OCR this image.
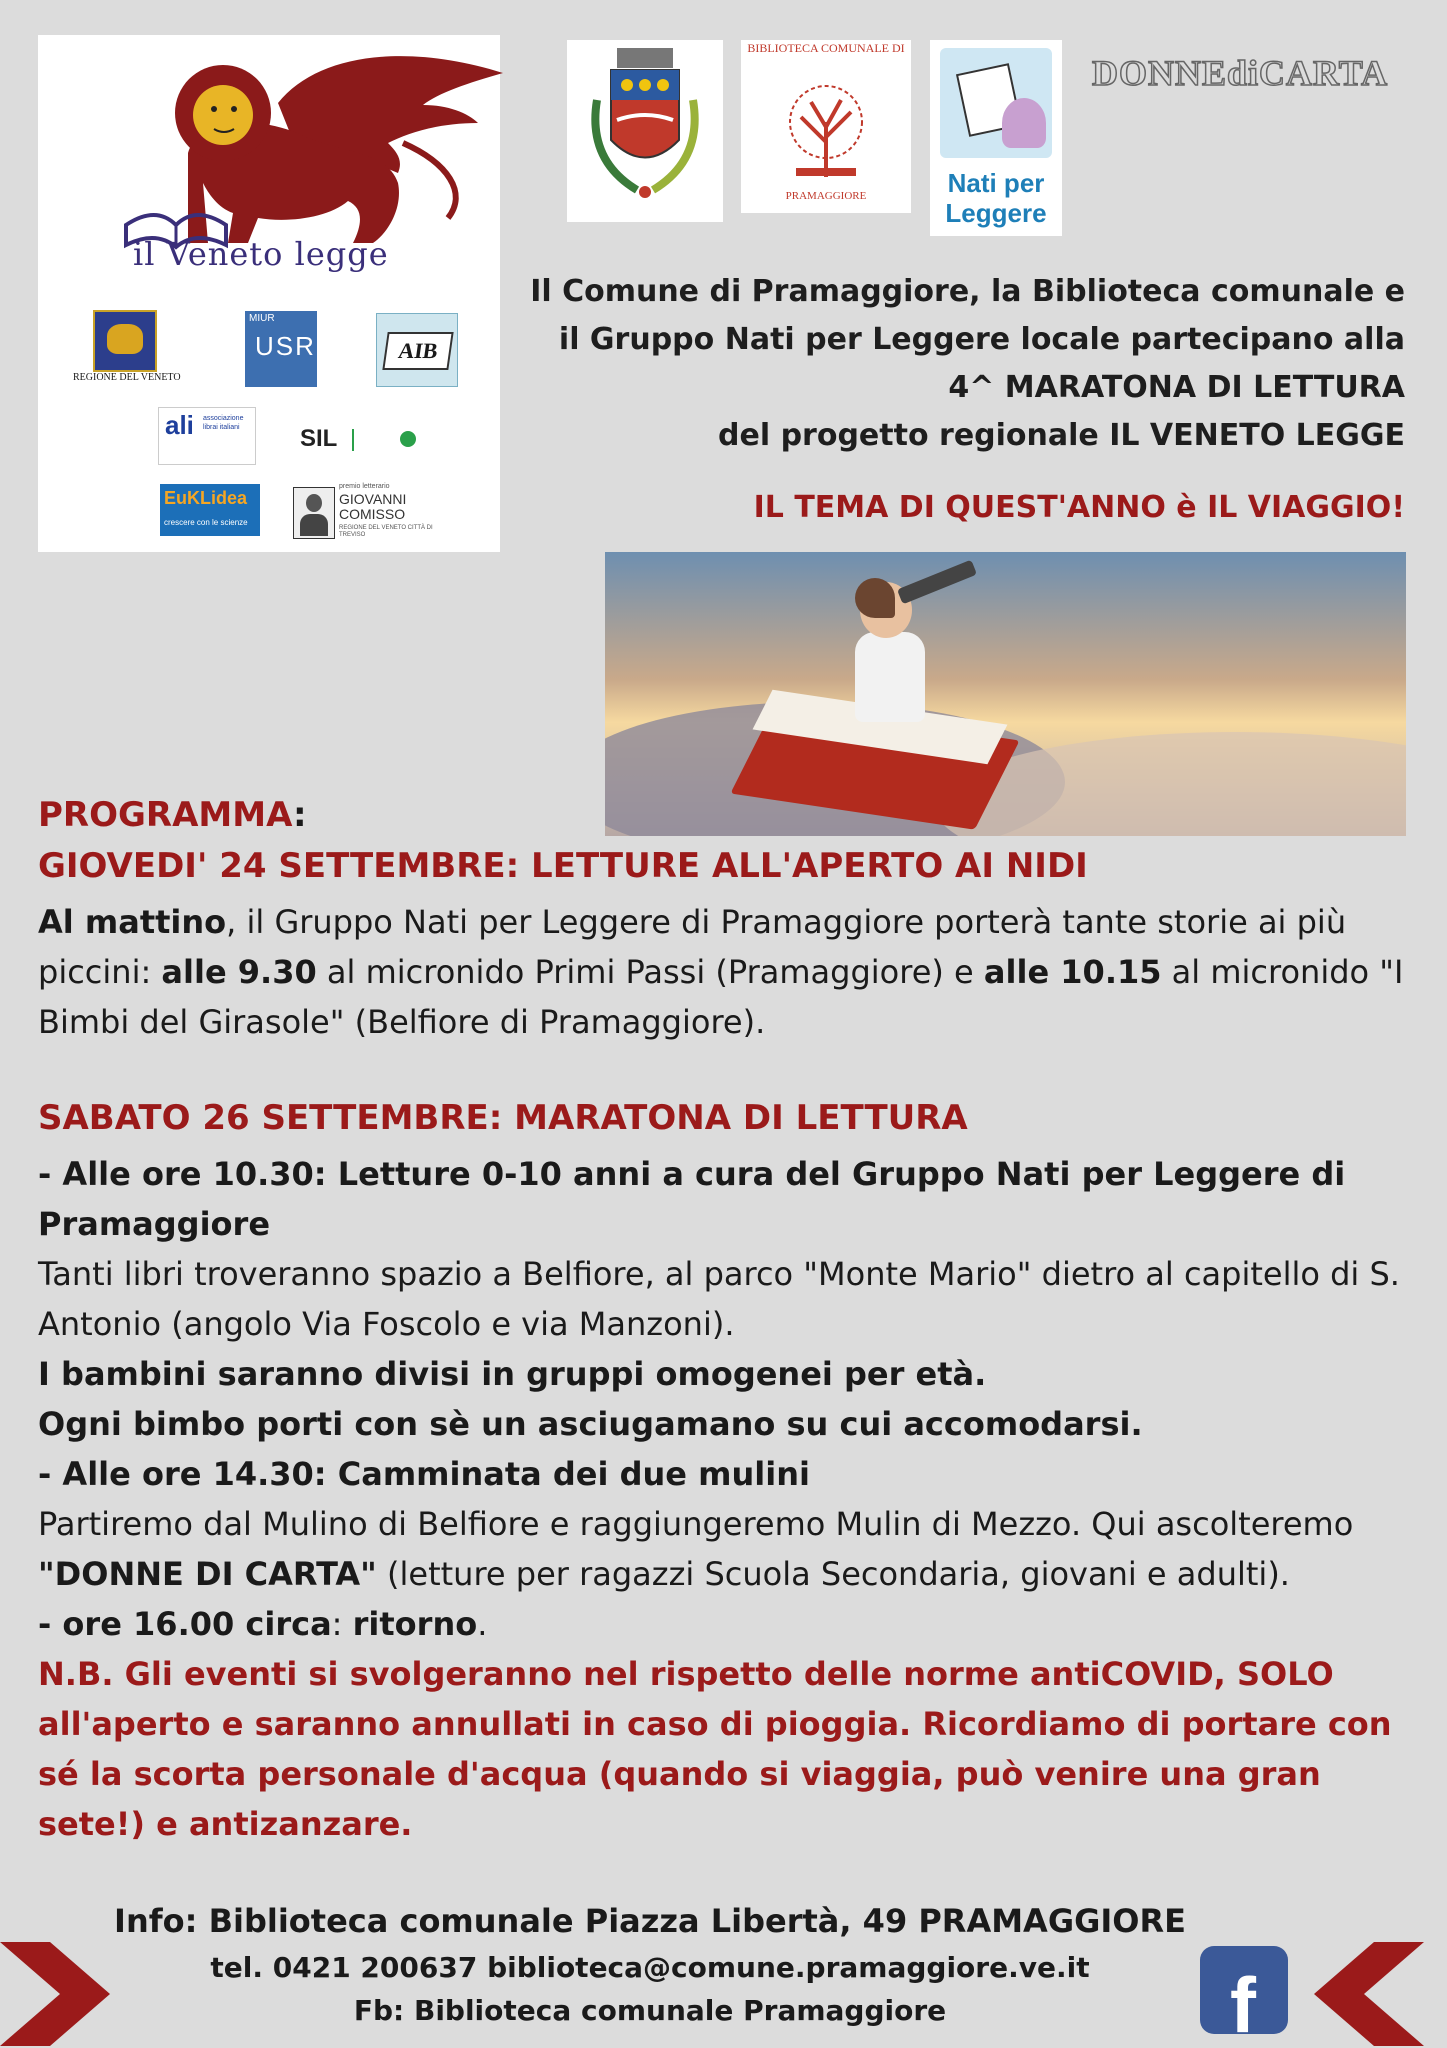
il Veneto legge
REGIONE DEL VENETO
MIUR
USR	AIB
ali associazione librai italiani	SIL
EuKLidea
crescere con le scienze
premio letterario
GIOVANNI COMISSO
REGIONE DEL VENETO CITTÀ DI TREVISO
BIBLIOTECA COMUNALE DI
PRAMAGGIORE	Nati per Leggere
DONNEdiCARTA
Il Comune di Pramaggiore, la Biblioteca comunale e
il Gruppo Nati per Leggere locale partecipano alla
4^ MARATONA DI LETTURA
del progetto regionale IL VENETO LEGGE
IL TEMA DI QUEST'ANNO è IL VIAGGIO!
PROGRAMMA:
GIOVEDI' 24 SETTEMBRE: LETTURE ALL'APERTO AI NIDI
Al mattino, il Gruppo Nati per Leggere di Pramaggiore porterà tante storie ai più piccini: alle 9.30 al micronido Primi Passi (Pramaggiore) e alle 10.15 al micronido "I Bimbi del Girasole" (Belfiore di Pramaggiore).
SABATO 26 SETTEMBRE: MARATONA DI LETTURA
- Alle ore 10.30: Letture 0-10 anni a cura del Gruppo Nati per Leggere di Pramaggiore
Tanti libri troveranno spazio a Belfiore, al parco "Monte Mario" dietro al capitello di S. Antonio (angolo Via Foscolo e via Manzoni).
I bambini saranno divisi in gruppi omogenei per età.
Ogni bimbo porti con sè un asciugamano su cui accomodarsi.
- Alle ore 14.30: Camminata dei due mulini
Partiremo dal Mulino di Belfiore e raggiungeremo Mulin di Mezzo. Qui ascolteremo "DONNE DI CARTA" (letture per ragazzi Scuola Secondaria, giovani e adulti).
- ore 16.00 circa: ritorno.
N.B. Gli eventi si svolgeranno nel rispetto delle norme antiCOVID, SOLO all'aperto e saranno annullati in caso di pioggia. Ricordiamo di portare con sé la scorta personale d'acqua (quando si viaggia, può venire una gran sete!) e antizanzare.
f
Info: Biblioteca comunale Piazza Libertà, 49 PRAMAGGIORE
tel. 0421 200637 biblioteca@comune.pramaggiore.ve.it
Fb: Biblioteca comunale Pramaggiore
